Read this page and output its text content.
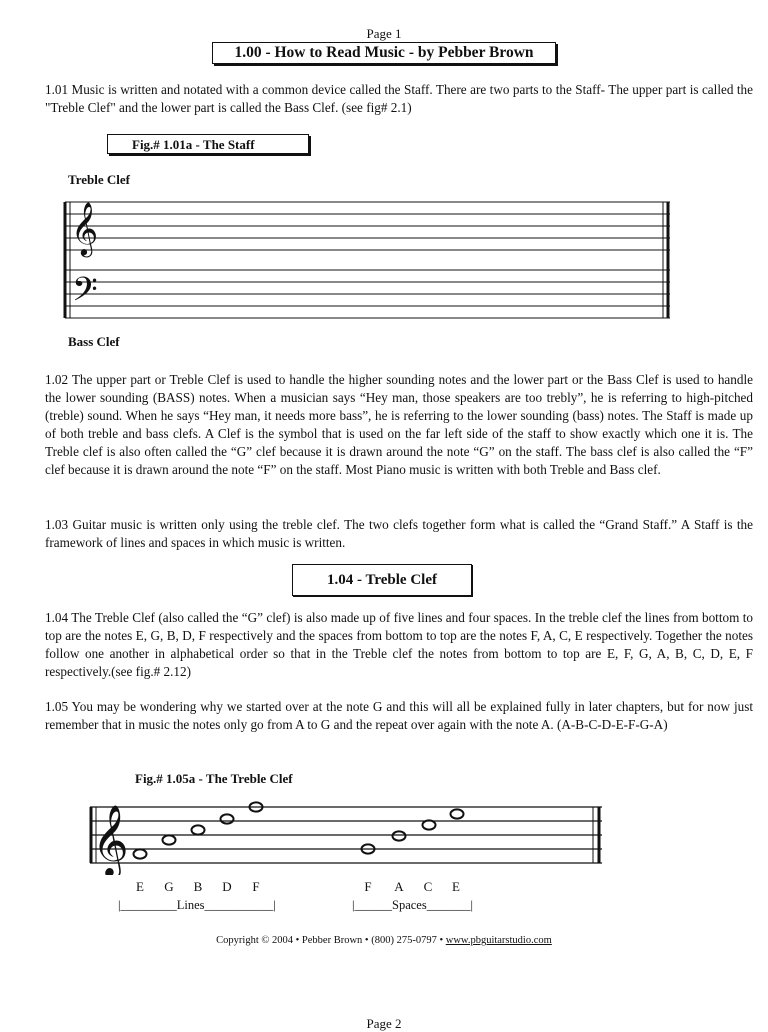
Page 1
1.00 - How to Read Music - by Pebber Brown

1.01 Music is written and notated with a common device called the Staff. There are two parts to the Staff- The upper part is called the "Treble Clef" and the lower part is called the Bass Clef. (see fig# 2.1)

Fig.# 1.01a - The Staff
Treble Clef
𝄞
𝄢
Bass Clef

1.02 The upper part or Treble Clef is used to handle the higher sounding notes and the lower part or the Bass Clef is used to handle the lower sounding (BASS) notes. When a musician says “Hey man, those speakers are too trebly”, he is referring to high-pitched (treble) sound. When he says “Hey man, it needs more bass”, he is referring to the lower sounding (bass) notes. The Staff is made up of both treble and bass clefs. A Clef is the symbol that is used on the far left side of the staff to show exactly which one it is. The Treble clef is also often called the “G” clef because it is drawn around the note “G” on the staff. The bass clef is also called the “F” clef because it is drawn around the note “F” on the staff. Most Piano music is written with both Treble and Bass clef.

1.03 Guitar music is written only using the treble clef. The two clefs together form what is called the “Grand Staff.” A Staff is the framework of lines and spaces in which music is written.

1.04 - Treble Clef

1.04 The Treble Clef (also called the “G” clef) is also made up of five lines and four spaces. In the treble clef the lines from bottom to top are the notes E, G, B, D, F respectively and the spaces from bottom to top are the notes F, A, C, E respectively. Together the notes follow one another in alphabetical order so that in the Treble clef the notes from bottom to top are E, F, G, A, B, C, D, E, F respectively.(see fig.# 2.12)

1.05 You may be wondering why we started over at the note G and this will all be explained fully in later chapters, but for now just remember that in music the notes only go from A to G and the repeat over again with the note A. (A-B-C-D-E-F-G-A)

Fig.# 1.05a - The Treble Clef
𝄞
E	G	B	D	F	F	A	C	E
|_________Lines___________|	|______Spaces_______|
Copyright © 2004 • Pebber Brown • (800) 275-0797 • www.pbguitarstudio.com
Page 2
